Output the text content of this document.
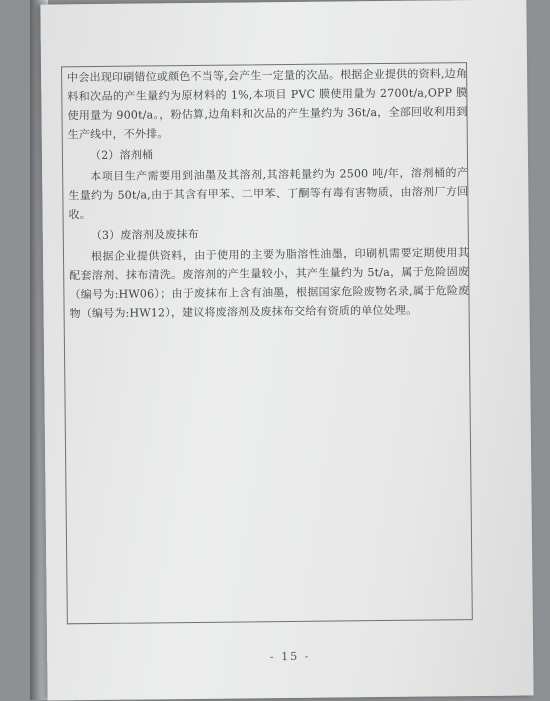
中会出现印刷错位或颜色不当等,会产生一定量的次品。根据企业提供的资料,边角料和次品的产生量约为原材料的 1%,本项目 PVC 膜使用量为 2700t/a,OPP 膜使用量为 900t/a。，粉估算,边角料和次品的产生量约为 36t/a，全部回收利用到生产线中，不外排。

（2）溶剂桶

本项目生产需要用到油墨及其溶剂,其溶耗量约为 2500 吨/年，溶剂桶的产生量约为 50t/a,由于其含有甲苯、二甲苯、丁酮等有毒有害物质，由溶剂厂方回收。

（3）废溶剂及废抹布

根据企业提供资料，由于使用的主要为脂溶性油墨，印刷机需要定期使用其配套溶剂、抹布清洗。废溶剂的产生量较小，其产生量约为 5t/a，属于危险固废（编号为:HW06）；由于废抹布上含有油墨，根据国家危险废物名录,属于危险废物（编号为:HW12），建议将废溶剂及废抹布交给有资质的单位处理。

- 15 -
